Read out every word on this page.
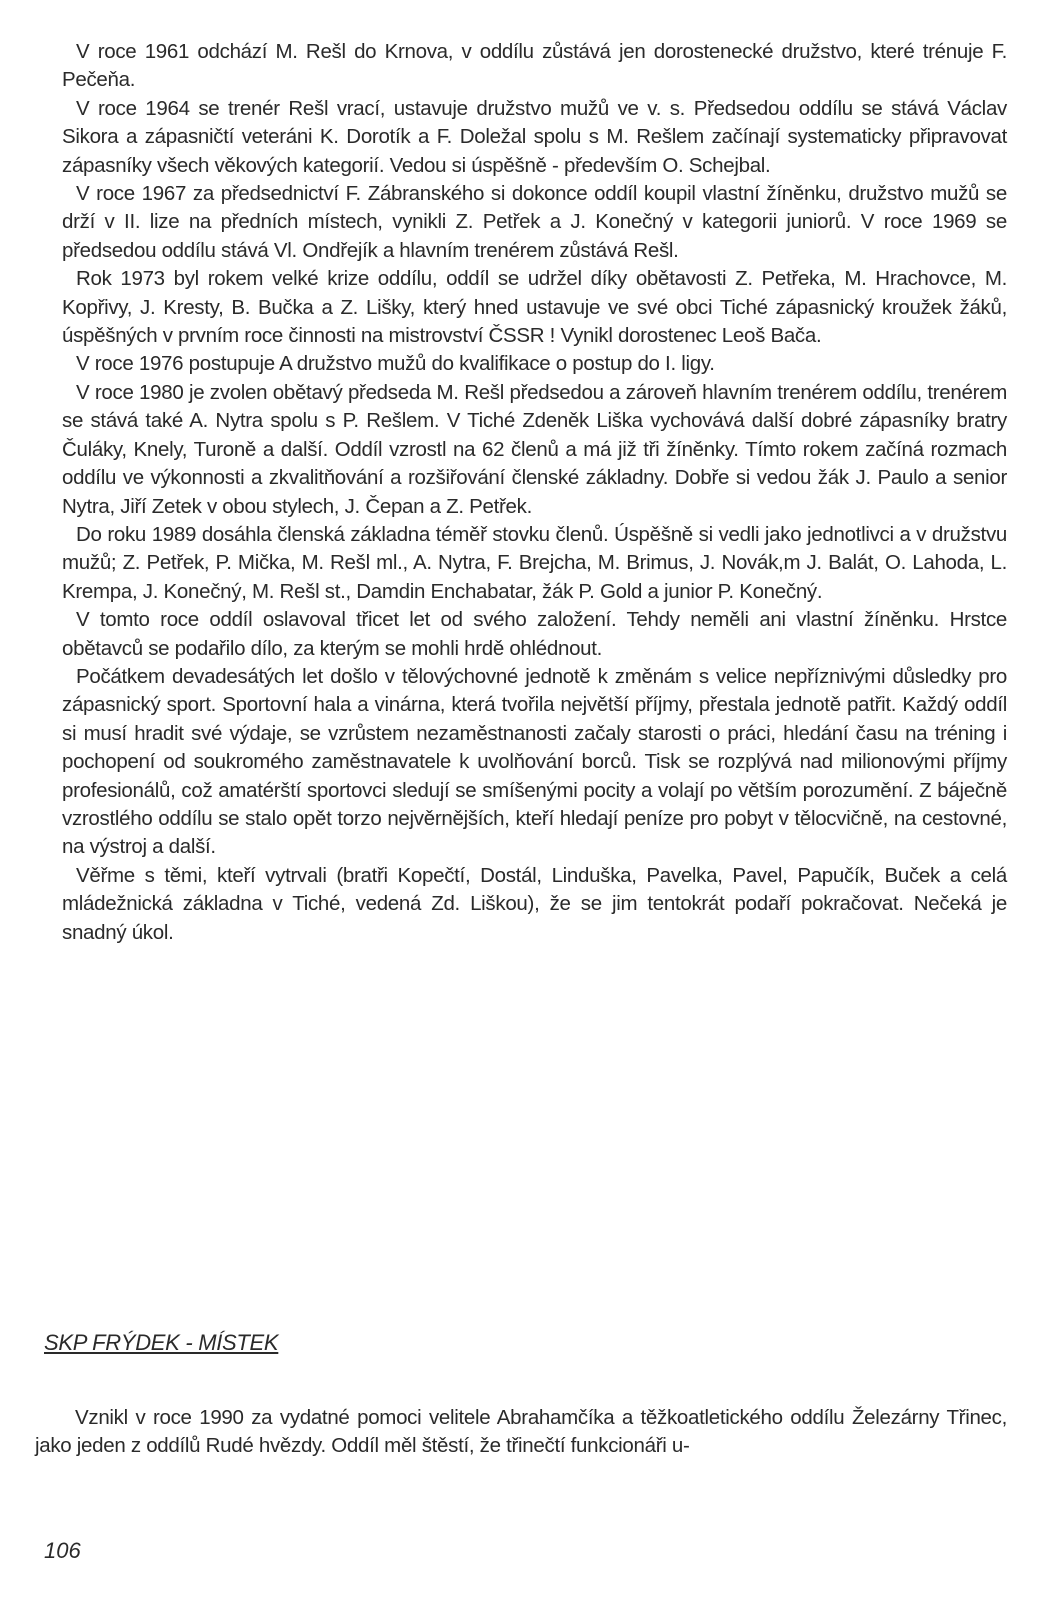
V roce 1961 odchází M. Rešl do Krnova, v oddílu zůstává jen dorostenecké družstvo, které trénuje F. Pečeňa.

V roce 1964 se trenér Rešl vrací, ustavuje družstvo mužů ve v. s. Předsedou oddílu se stává Václav Sikora a zápasničtí veteráni K. Dorotík a F. Doležal spolu s M. Rešlem začínají systematicky připravovat zápasníky všech věkových kategorií. Vedou si úspěšně - především O. Schejbal.

V roce 1967 za předsednictví F. Zábranského si dokonce oddíl koupil vlastní žíněnku, družstvo mužů se drží v II. lize na předních místech, vynikli Z. Petřek a J. Konečný v kategorii juniorů. V roce 1969 se předsedou oddílu stává Vl. Ondřejík a hlavním trenérem zůstává Rešl.

Rok 1973 byl rokem velké krize oddílu, oddíl se udržel díky obětavosti Z. Petřeka, M. Hrachovce, M. Kopřivy, J. Kresty, B. Bučka a Z. Lišky, který hned ustavuje ve své obci Tiché zápasnický kroužek žáků, úspěšných v prvním roce činnosti na mistrovství ČSSR ! Vynikl dorostenec Leoš Bača.

V roce 1976 postupuje A družstvo mužů do kvalifikace o postup do I. ligy.

V roce 1980 je zvolen obětavý předseda M. Rešl předsedou a zároveň hlavním trenérem oddílu, trenérem se stává také A. Nytra spolu s P. Rešlem. V Tiché Zdeněk Liška vychovává další dobré zápasníky bratry Čuláky, Knely, Turoně a další. Oddíl vzrostl na 62 členů a má již tři žíněnky. Tímto rokem začíná rozmach oddílu ve výkonnosti a zkvalitňování a rozšiřování členské základny. Dobře si vedou žák J. Paulo a senior Nytra, Jiří Zetek v obou stylech, J. Čepan a Z. Petřek.

Do roku 1989 dosáhla členská základna téměř stovku členů. Úspěšně si vedli jako jednotlivci a v družstvu mužů; Z. Petřek, P. Mička, M. Rešl ml., A. Nytra, F. Brejcha, M. Brimus, J. Novák,m J. Balát, O. Lahoda, L. Krempa, J. Konečný, M. Rešl st., Damdin Enchabatar, žák P. Gold a junior P. Konečný.

V tomto roce oddíl oslavoval třicet let od svého založení. Tehdy neměli ani vlastní žíněnku. Hrstce obětavců se podařilo dílo, za kterým se mohli hrdě ohlédnout.

Počátkem devadesátých let došlo v tělovýchovné jednotě k změnám s velice nepříznivými důsledky pro zápasnický sport. Sportovní hala a vinárna, která tvořila největší příjmy, přestala jednotě patřit. Každý oddíl si musí hradit své výdaje, se vzrůstem nezaměstnanosti začaly starosti o práci, hledání času na tréning i pochopení od soukromého zaměstnavatele k uvolňování borců. Tisk se rozplývá nad milionovými příjmy profesionálů, což amatérští sportovci sledují se smíšenými pocity a volají po větším porozumění. Z báječně vzrostlého oddílu se stalo opět torzo nejvěrnějších, kteří hledají peníze pro pobyt v tělocvičně, na cestovné, na výstroj a další.

Věřme s těmi, kteří vytrvali (bratři Kopečtí, Dostál, Linduška, Pavelka, Pavel, Papučík, Buček a celá mládežnická základna v Tiché, vedená Zd. Liškou), že se jim tentokrát podaří pokračovat. Nečeká je snadný úkol.

SKP FRÝDEK - MÍSTEK

Vznikl v roce 1990 za vydatné pomoci velitele Abrahamčíka a těžkoatletického oddílu Železárny Třinec, jako jeden z oddílů Rudé hvězdy. Oddíl měl štěstí, že třinečtí funkcionáři u-

106
